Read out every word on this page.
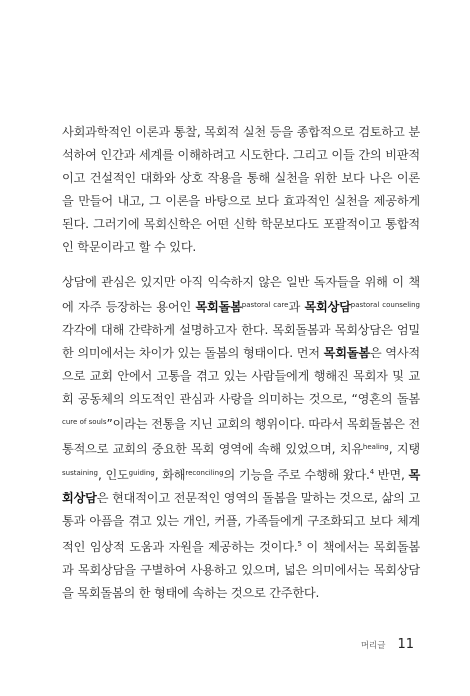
사회과학적인 이론과 통찰, 목회적 실천 등을 종합적으로 검토하고 분석하여 인간과 세계를 이해하려고 시도한다. 그리고 이들 간의 비판적이고 건설적인 대화와 상호 작용을 통해 실천을 위한 보다 나은 이론을 만들어 내고, 그 이론을 바탕으로 보다 효과적인 실천을 제공하게 된다. 그러기에 목회신학은 어떤 신학 학문보다도 포괄적이고 통합적인 학문이라고 할 수 있다.

상담에 관심은 있지만 아직 익숙하지 않은 일반 독자들을 위해 이 책에 자주 등장하는 용어인 목회돌봄$^{pastoral care}$과 목회상담$^{pastoral counseling}$ 각각에 대해 간략하게 설명하고자 한다. 목회돌봄과 목회상담은 엄밀한 의미에서는 차이가 있는 돌봄의 형태이다. 먼저 목회돌봄은 역사적으로 교회 안에서 고통을 겪고 있는 사람들에게 행해진 목회자 및 교회 공동체의 의도적인 관심과 사랑을 의미하는 것으로, “영혼의 돌봄$^{cure of souls}$”이라는 전통을 지닌 교회의 행위이다. 따라서 목회돌봄은 전통적으로 교회의 중요한 목회 영역에 속해 있었으며, 치유$^{healing}$, 지탱$^{sustaining}$, 인도$^{guiding}$, 화해$^{reconciling}$의 기능을 주로 수행해 왔다.$^4$ 반면, 목회상담은 현대적이고 전문적인 영역의 돌봄을 말하는 것으로, 삶의 고통과 아픔을 겪고 있는 개인, 커플, 가족들에게 구조화되고 보다 체계적인 임상적 도움과 자원을 제공하는 것이다.$^5$ 이 책에서는 목회돌봄과 목회상담을 구별하여 사용하고 있으며, 넓은 의미에서는 목회상담을 목회돌봄의 한 형태에 속하는 것으로 간주한다.

머리글 11
